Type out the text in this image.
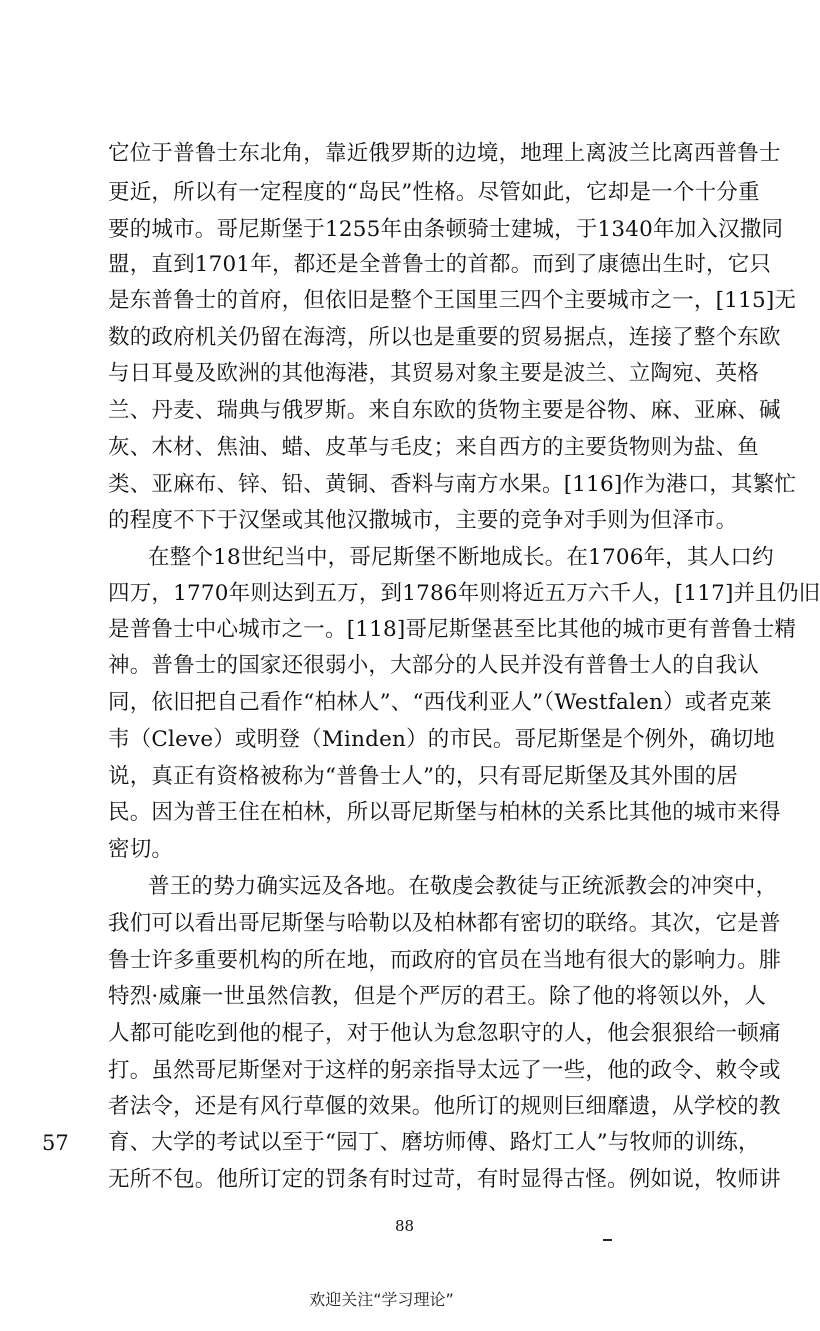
它位于普鲁士东北角，靠近俄罗斯的边境，地理上离波兰比离西普鲁士
更近，所以有一定程度的“岛民”性格。尽管如此，它却是一个十分重
要的城市。哥尼斯堡于1255年由条顿骑士建城，于1340年加入汉撒同
盟，直到1701年，都还是全普鲁士的首都。而到了康德出生时，它只
是东普鲁士的首府，但依旧是整个王国里三四个主要城市之一，[115]无
数的政府机关仍留在海湾，所以也是重要的贸易据点，连接了整个东欧
与日耳曼及欧洲的其他海港，其贸易对象主要是波兰、立陶宛、英格
兰、丹麦、瑞典与俄罗斯。来自东欧的货物主要是谷物、麻、亚麻、碱
灰、木材、焦油、蜡、皮革与毛皮；来自西方的主要货物则为盐、鱼
类、亚麻布、锌、铅、黄铜、香料与南方水果。[116]作为港口，其繁忙
的程度不下于汉堡或其他汉撒城市，主要的竞争对手则为但泽市。
在整个18世纪当中，哥尼斯堡不断地成长。在1706年，其人口约
四万，1770年则达到五万，到1786年则将近五万六千人，[117]并且仍旧
是普鲁士中心城市之一。[118]哥尼斯堡甚至比其他的城市更有普鲁士精
神。普鲁士的国家还很弱小，大部分的人民并没有普鲁士人的自我认
同，依旧把自己看作“柏林人”、“西伐利亚人”（Westfalen）或者克莱
韦（Cleve）或明登（Minden）的市民。哥尼斯堡是个例外，确切地
说，真正有资格被称为“普鲁士人”的，只有哥尼斯堡及其外围的居
民。因为普王住在柏林，所以哥尼斯堡与柏林的关系比其他的城市来得
密切。
普王的势力确实远及各地。在敬虔会教徒与正统派教会的冲突中，
我们可以看出哥尼斯堡与哈勒以及柏林都有密切的联络。其次，它是普
鲁士许多重要机构的所在地，而政府的官员在当地有很大的影响力。腓
特烈·威廉一世虽然信教，但是个严厉的君王。除了他的将领以外，人
人都可能吃到他的棍子，对于他认为怠忽职守的人，他会狠狠给一顿痛
打。虽然哥尼斯堡对于这样的躬亲指导太远了一些，他的政令、敕令或
者法令，还是有风行草偃的效果。他所订的规则巨细靡遗，从学校的教
育、大学的考试以至于“园丁、磨坊师傅、路灯工人”与牧师的训练，
无所不包。他所订定的罚条有时过苛，有时显得古怪。例如说，牧师讲
57
88
欢迎关注“学习理论”
